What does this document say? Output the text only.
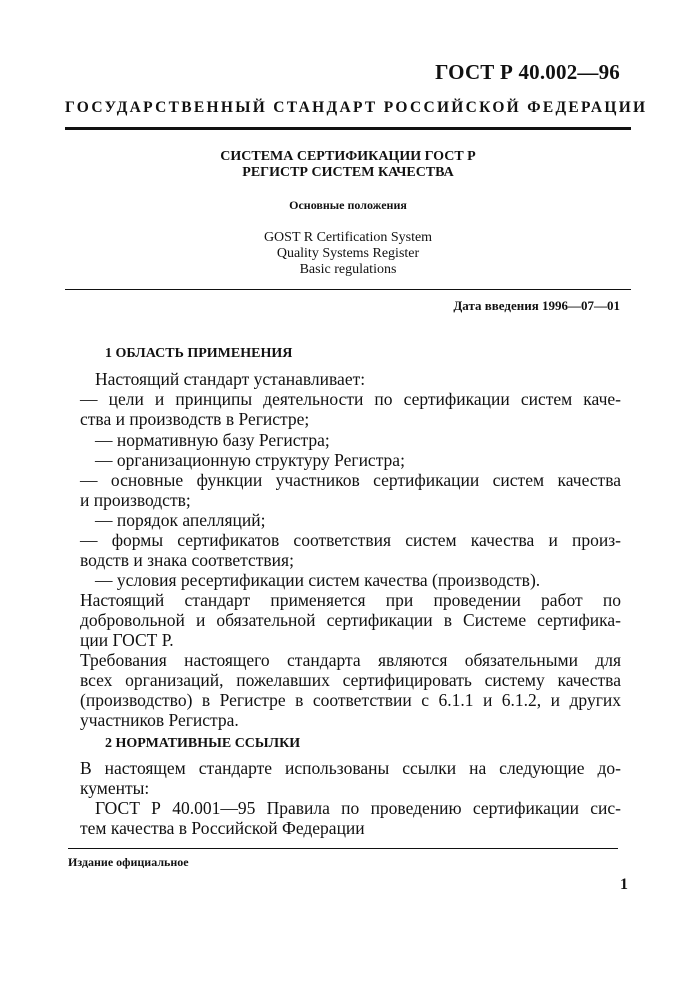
ГОСТ Р 40.002—96
ГОСУДАРСТВЕННЫЙ СТАНДАРТ РОССИЙСКОЙ ФЕДЕРАЦИИ
СИСТЕМА СЕРТИФИКАЦИИ ГОСТ Р
РЕГИСТР СИСТЕМ КАЧЕСТВА
Основные положения
GOST R Certification System
Quality Systems Register
Basic regulations
Дата введения 1996—07—01
1 ОБЛАСТЬ ПРИМЕНЕНИЯ
Настоящий стандарт устанавливает:
— цели и принципы деятельности по сертификации систем каче-
ства и производств в Регистре;
— нормативную базу Регистра;
— организационную структуру Регистра;
— основные функции участников сертификации систем качества
и производств;
— порядок апелляций;
— формы сертификатов соответствия систем качества и произ-
водств и знака соответствия;
— условия ресертификации систем качества (производств).
Настоящий стандарт применяется при проведении работ по
добровольной и обязательной сертификации в Системе сертифика-
ции ГОСТ Р.
Требования настоящего стандарта являются обязательными для
всех организаций, пожелавших сертифицировать систему качества
(производство) в Регистре в соответствии с 6.1.1 и 6.1.2, и других
участников Регистра.
2 НОРМАТИВНЫЕ ССЫЛКИ
В настоящем стандарте использованы ссылки на следующие до-
кументы:
ГОСТ Р 40.001—95 Правила по проведению сертификации сис-
тем качества в Российской Федерации
Издание официальное
1
